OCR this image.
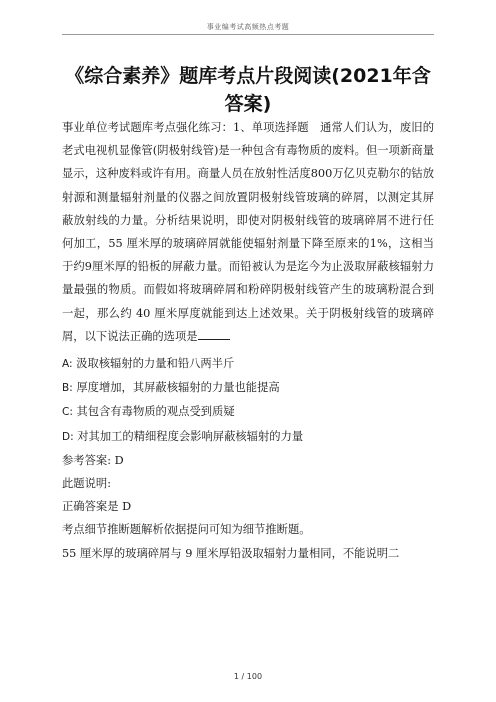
事业编考试高频热点考题
《综合素养》题库考点片段阅读(2021年含答案)

事业单位考试题库考点强化练习：1、单项选择题　通常人们认为，废旧的老式电视机显像管(阴极射线管)是一种包含有毒物质的废料。但一项新商量显示，这种废料或许有用。商量人员在放射性活度800万亿贝克勒尔的钴放射源和测量辐射剂量的仪器之间放置阴极射线管玻璃的碎屑，以测定其屏蔽放射线的力量。分析结果说明，即使对阴极射线管的玻璃碎屑不进行任何加工，55 厘米厚的玻璃碎屑就能使辐射剂量下降至原来的1%，这相当于约9厘米厚的铅板的屏蔽力量。而铅被认为是迄今为止汲取屏蔽核辐射力量最强的物质。而假如将玻璃碎屑和粉碎阴极射线管产生的玻璃粉混合到一起，那么约 40 厘米厚度就能到达上述效果。关于阴极射线管的玻璃碎屑，以下说法正确的选项是

A: 汲取核辐射的力量和铅八两半斤

B: 厚度增加，其屏蔽核辐射的力量也能提高

C: 其包含有毒物质的观点受到质疑

D: 对其加工的精细程度会影响屏蔽核辐射的力量

参考答案: D

此题说明:

正确答案是 D

考点细节推断题解析依据提问可知为细节推断题。

55 厘米厚的玻璃碎屑与 9 厘米厚铅汲取辐射力量相同，不能说明二

1 / 100
